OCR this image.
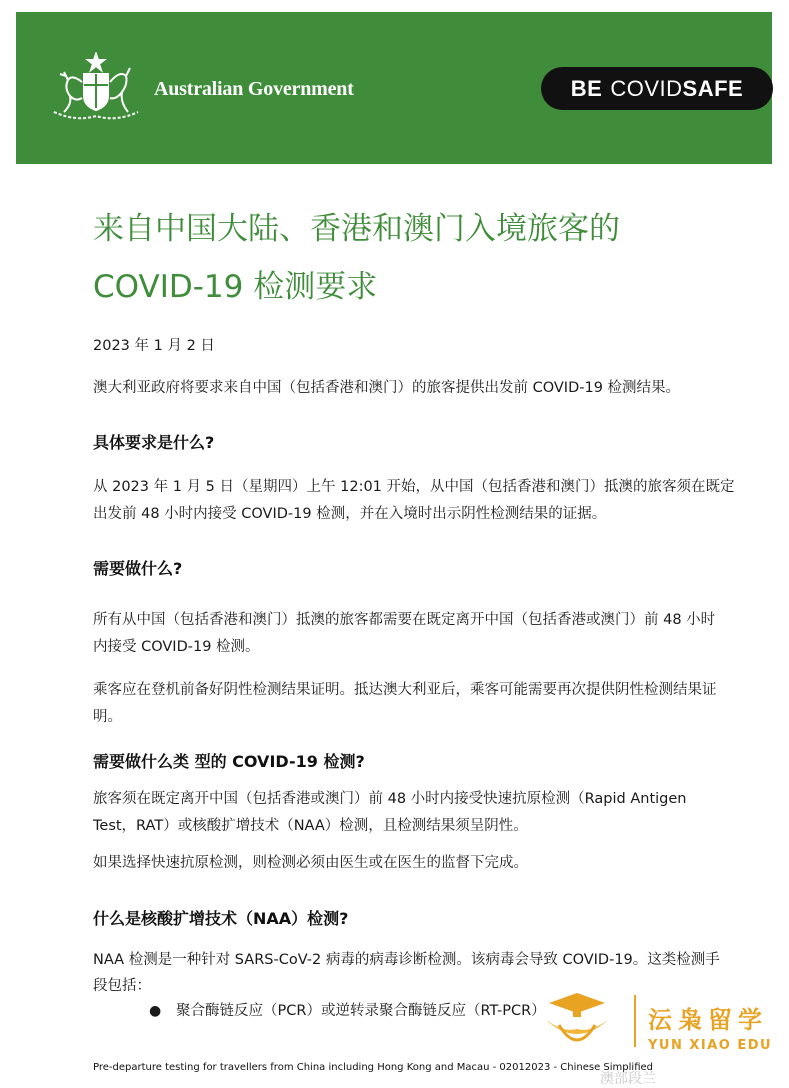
Australian Government	BE COVID SAFE
来自中国大陆、香港和澳门入境旅客的
COVID-19 检测要求
2023 年 1 月 2 日
澳大利亚政府将要求来自中国（包括香港和澳门）的旅客提供出发前 COVID-19 检测结果。
具体要求是什么?
从 2023 年 1 月 5 日（星期四）上午 12:01 开始，从中国（包括香港和澳门）抵澳的旅客须在既定
出发前 48 小时内接受 COVID-19 检测，并在入境时出示阴性检测结果的证据。
需要做什么?
所有从中国（包括香港和澳门）抵澳的旅客都需要在既定离开中国（包括香港或澳门）前 48 小时
内接受 COVID-19 检测。
乘客应在登机前备好阴性检测结果证明。抵达澳大利亚后，乘客可能需要再次提供阴性检测结果证
明。
需要做什么类 型的 COVID-19 检测?
旅客须在既定离开中国（包括香港或澳门）前 48 小时内接受快速抗原检测（Rapid Antigen
Test，RAT）或核酸扩增技术（NAA）检测，且检测结果须呈阴性。
如果选择快速抗原检测，则检测必须由医生或在医生的监督下完成。
什么是核酸扩增技术（NAA）检测?
NAA 检测是一种针对 SARS-CoV-2 病毒的病毒诊断检测。该病毒会导致 COVID-19。这类检测手
段包括：
● 聚合酶链反应（PCR）或逆转录聚合酶链反应（RT-PCR）	沄枭留学
YUN XIAO EDU
Pre-departure testing for travellers from China including Hong Kong and Macau - 02012023 - Chinese Simplified
澳部段兰
